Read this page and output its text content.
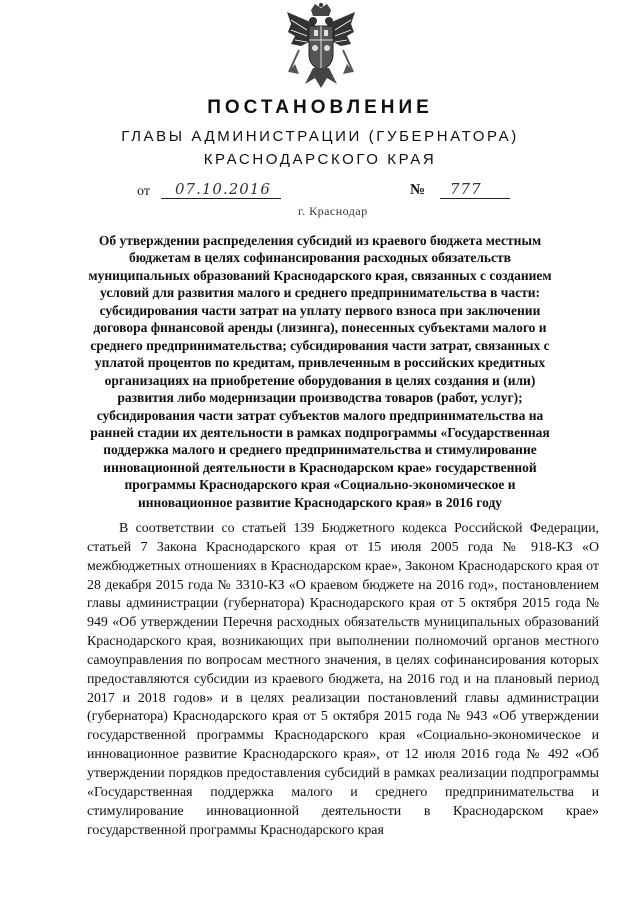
ПОСТАНОВЛЕНИЕ
ГЛАВЫ АДМИНИСТРАЦИИ (ГУБЕРНАТОРА)
КРАСНОДАРСКОГО КРАЯ
от 07.10.2016	№ 777
г. Краснодар

Об утверждении распределения субсидий из краевого бюджета местным бюджетам в целях софинансирования расходных обязательств муниципальных образований Краснодарского края, связанных с созданием условий для развития малого и среднего предпринимательства в части: субсидирования части затрат на уплату первого взноса при заключении договора финансовой аренды (лизинга), понесенных субъектами малого и среднего предпринимательства; субсидирования части затрат, связанных с уплатой процентов по кредитам, привлеченным в российских кредитных организациях на приобретение оборудования в целях создания и (или) развития либо модернизации производства товаров (работ, услуг); субсидирования части затрат субъектов малого предпринимательства на ранней стадии их деятельности в рамках подпрограммы «Государственная поддержка малого и среднего предпринимательства и стимулирование инновационной деятельности в Краснодарском крае» государственной программы Краснодарского края «Социально-экономическое и инновационное развитие Краснодарского края» в 2016 году

В соответствии со статьей 139 Бюджетного кодекса Российской Федерации, статьей 7 Закона Краснодарского края от 15 июля 2005 года № 918-КЗ «О межбюджетных отношениях в Краснодарском крае», Законом Краснодарского края от 28 декабря 2015 года № 3310-КЗ «О краевом бюджете на 2016 год», постановлением главы администрации (губернатора) Краснодарского края от 5 октября 2015 года № 949 «Об утверждении Перечня расходных обязательств муниципальных образований Краснодарского края, возникающих при выполнении полномочий органов местного самоуправления по вопросам местного значения, в целях софинансирования которых предоставляются субсидии из краевого бюджета, на 2016 год и на плановый период 2017 и 2018 годов» и в целях реализации постановлений главы администрации (губернатора) Краснодарского края от 5 октября 2015 года № 943 «Об утверждении государственной программы Краснодарского края «Социально-экономическое и инновационное развитие Краснодарского края», от 12 июля 2016 года № 492 «Об утверждении порядков предоставления субсидий в рамках реализации подпрограммы «Государственная поддержка малого и среднего предпринимательства и стимулирование инновационной деятельности в Краснодарском крае» государственной программы Краснодарского края
